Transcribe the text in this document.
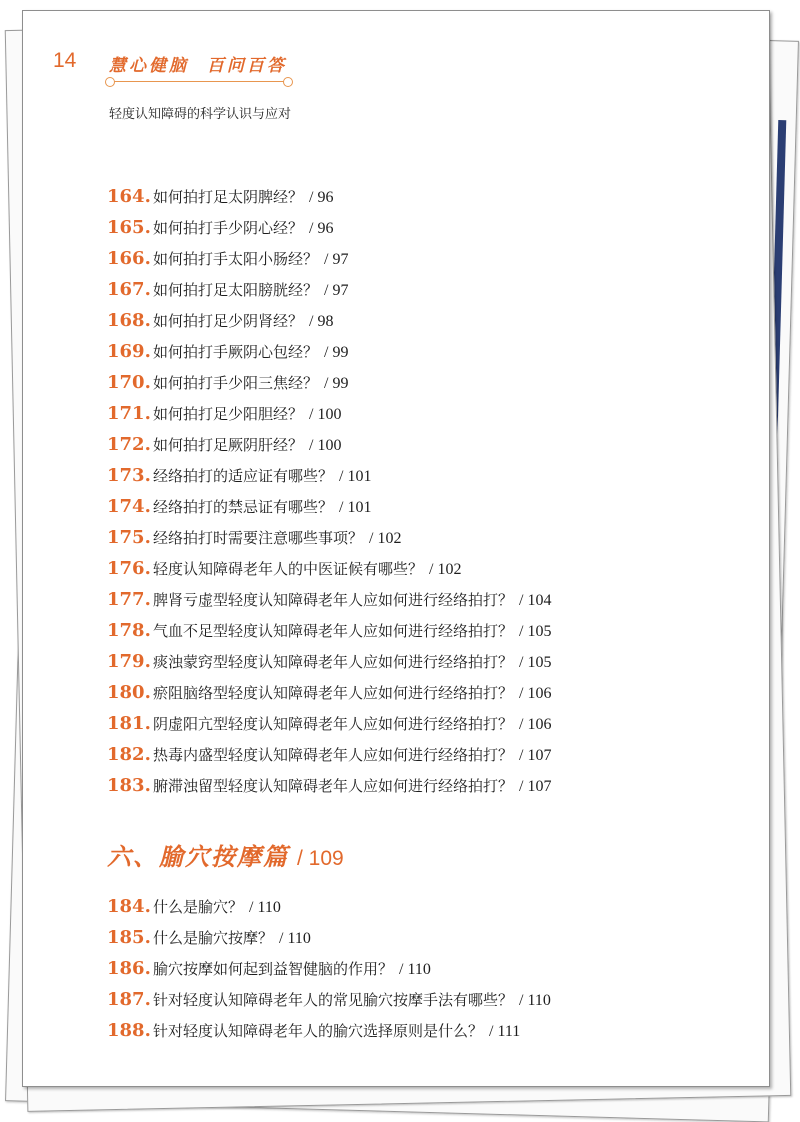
14 慧心健脑  百问百答
轻度认知障碍的科学认识与应对
164. 如何拍打足太阴脾经？ / 96
165. 如何拍打手少阴心经？ / 96
166. 如何拍打手太阳小肠经？ / 97
167. 如何拍打足太阳膀胱经？ / 97
168. 如何拍打足少阴肾经？ / 98
169. 如何拍打手厥阴心包经？ / 99
170. 如何拍打手少阳三焦经？ / 99
171. 如何拍打足少阳胆经？ / 100
172. 如何拍打足厥阴肝经？ / 100
173. 经络拍打的适应证有哪些？ / 101
174. 经络拍打的禁忌证有哪些？ / 101
175. 经络拍打时需要注意哪些事项？ / 102
176. 轻度认知障碍老年人的中医证候有哪些？ / 102
177. 脾肾亏虚型轻度认知障碍老年人应如何进行经络拍打？ / 104
178. 气血不足型轻度认知障碍老年人应如何进行经络拍打？ / 105
179. 痰浊蒙窍型轻度认知障碍老年人应如何进行经络拍打？ / 105
180. 瘀阻脑络型轻度认知障碍老年人应如何进行经络拍打？ / 106
181. 阴虚阳亢型轻度认知障碍老年人应如何进行经络拍打？ / 106
182. 热毒内盛型轻度认知障碍老年人应如何进行经络拍打？ / 107
183. 腑滞浊留型轻度认知障碍老年人应如何进行经络拍打？ / 107
六、腧穴按摩篇 / 109
184. 什么是腧穴？ / 110
185. 什么是腧穴按摩？ / 110
186. 腧穴按摩如何起到益智健脑的作用？ / 110
187. 针对轻度认知障碍老年人的常见腧穴按摩手法有哪些？ / 110
188. 针对轻度认知障碍老年人的腧穴选择原则是什么？ / 111
